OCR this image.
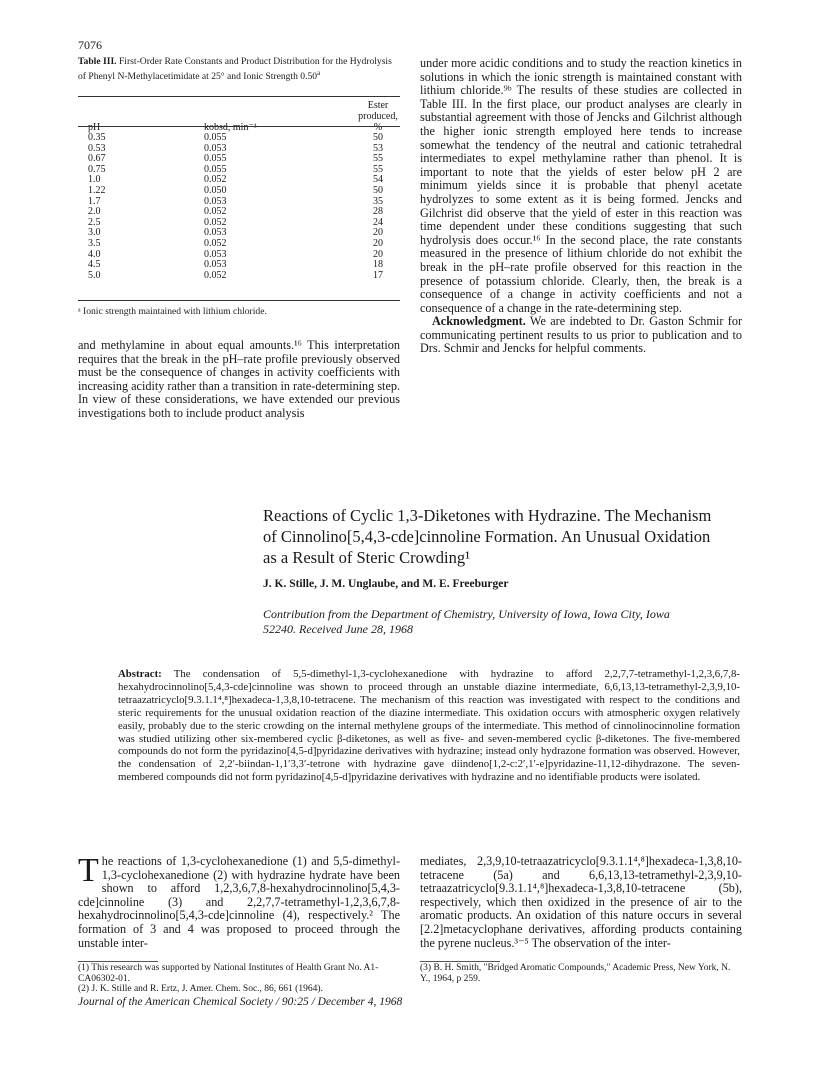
7076
Table III. First-Order Rate Constants and Product Distribution for the Hydrolysis of Phenyl N-Methylacetimidate at 25° and Ionic Strength 0.50$^a$
		Ester produced,
pH	kobsd, min⁻¹	%
0.35	0.055	50
0.53	0.053	53
0.67	0.055	55
0.75	0.055	55
1.0	0.052	54
1.22	0.050	50
1.7	0.053	35
2.0	0.052	28
2.5	0.052	24
3.0	0.053	20
3.5	0.052	20
4.0	0.053	20
4.5	0.053	18
5.0	0.052	17
ᵃ Ionic strength maintained with lithium chloride.

and methylamine in about equal amounts.¹⁶ This interpretation requires that the break in the pH–rate profile previously observed must be the consequence of changes in activity coefficients with increasing acidity rather than a transition in rate-determining step. In view of these considerations, we have extended our previous investigations both to include product analysis

under more acidic conditions and to study the reaction kinetics in solutions in which the ionic strength is maintained constant with lithium chloride.⁹ᵇ The results of these studies are collected in Table III. In the first place, our product analyses are clearly in substantial agreement with those of Jencks and Gilchrist although the higher ionic strength employed here tends to increase somewhat the tendency of the neutral and cationic tetrahedral intermediates to expel methylamine rather than phenol. It is important to note that the yields of ester below pH 2 are minimum yields since it is probable that phenyl acetate hydrolyzes to some extent as it is being formed. Jencks and Gilchrist did observe that the yield of ester in this reaction was time dependent under these conditions suggesting that such hydrolysis does occur.¹⁶ In the second place, the rate constants measured in the presence of lithium chloride do not exhibit the break in the pH–rate profile observed for this reaction in the presence of potassium chloride. Clearly, then, the break is a consequence of a change in activity coefficients and not a consequence of a change in the rate-determining step.

Acknowledgment. We are indebted to Dr. Gaston Schmir for communicating pertinent results to us prior to publication and to Drs. Schmir and Jencks for helpful comments.

Reactions of Cyclic 1,3-Diketones with Hydrazine. The Mechanism of Cinnolino[5,4,3-cde]cinnoline Formation. An Unusual Oxidation as a Result of Steric Crowding¹
J. K. Stille, J. M. Unglaube, and M. E. Freeburger
Contribution from the Department of Chemistry, University of Iowa, Iowa City, Iowa 52240. Received June 28, 1968
Abstract: The condensation of 5,5-dimethyl-1,3-cyclohexanedione with hydrazine to afford 2,2,7,7-tetramethyl-1,2,3,6,7,8-hexahydrocinnolino[5,4,3-cde]cinnoline was shown to proceed through an unstable diazine intermediate, 6,6,13,13-tetramethyl-2,3,9,10-tetraazatricyclo[9.3.1.1⁴,⁸]hexadeca-1,3,8,10-tetracene. The mechanism of this reaction was investigated with respect to the conditions and steric requirements for the unusual oxidation reaction of the diazine intermediate. This oxidation occurs with atmospheric oxygen relatively easily, probably due to the steric crowding on the internal methylene groups of the intermediate. This method of cinnolinocinnoline formation was studied utilizing other six-membered cyclic β-diketones, as well as five- and seven-membered cyclic β-diketones. The five-membered compounds do not form the pyridazino[4,5-d]pyridazine derivatives with hydrazine; instead only hydrazone formation was observed. However, the condensation of 2,2′-biindan-1,1′3,3′-tetrone with hydrazine gave diindeno[1,2-c:2′,1′-e]pyridazine-11,12-dihydrazone. The seven-membered compounds did not form pyridazino[4,5-d]pyridazine derivatives with hydrazine and no identifiable products were isolated.

The reactions of 1,3-cyclohexanedione (1) and 5,5-dimethyl-1,3-cyclohexanedione (2) with hydrazine hydrate have been shown to afford 1,2,3,6,7,8-hexahydrocinnolino[5,4,3-cde]cinnoline (3) and 2,2,7,7-tetramethyl-1,2,3,6,7,8-hexahydrocinnolino[5,4,3-cde]cinnoline (4), respectively.² The formation of 3 and 4 was proposed to proceed through the unstable inter-

(1) This research was supported by National Institutes of Health Grant No. A1-CA06302-01.
(2) J. K. Stille and R. Ertz, J. Amer. Chem. Soc., 86, 661 (1964).

mediates, 2,3,9,10-tetraazatricyclo[9.3.1.1⁴,⁸]hexadeca-1,3,8,10-tetracene (5a) and 6,6,13,13-tetramethyl-2,3,9,10-tetraazatricyclo[9.3.1.1⁴,⁸]hexadeca-1,3,8,10-tetracene (5b), respectively, which then oxidized in the presence of air to the aromatic products. An oxidation of this nature occurs in several [2.2]metacyclophane derivatives, affording products containing the pyrene nucleus.³⁻⁵ The observation of the inter-

(3) B. H. Smith, "Bridged Aromatic Compounds," Academic Press, New York, N. Y., 1964, p 259.
Journal of the American Chemical Society / 90:25 / December 4, 1968
